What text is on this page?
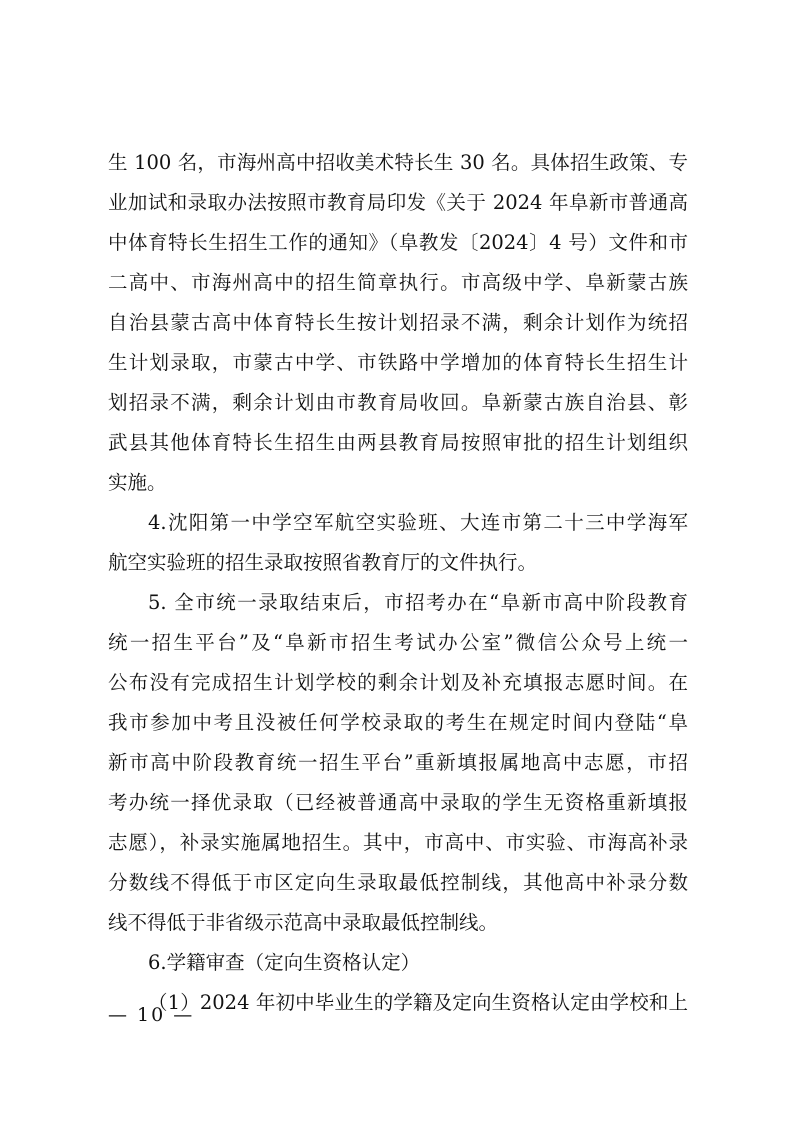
生 100 名，市海州高中招收美术特长生 30 名。具体招生政策、专
业加试和录取办法按照市教育局印发《关于 2024 年阜新市普通高
中体育特长生招生工作的通知》（阜教发〔2024〕4 号）文件和市
二高中、市海州高中的招生简章执行。市高级中学、阜新蒙古族
自治县蒙古高中体育特长生按计划招录不满，剩余计划作为统招
生计划录取，市蒙古中学、市铁路中学增加的体育特长生招生计
划招录不满，剩余计划由市教育局收回。阜新蒙古族自治县、彰
武县其他体育特长生招生由两县教育局按照审批的招生计划组织
实施。
4.沈阳第一中学空军航空实验班、大连市第二十三中学海军
航空实验班的招生录取按照省教育厅的文件执行。
5. 全市统一录取结束后，市招考办在“阜新市高中阶段教育
统一招生平台”及“阜新市招生考试办公室”微信公众号上统一
公布没有完成招生计划学校的剩余计划及补充填报志愿时间。在
我市参加中考且没被任何学校录取的考生在规定时间内登陆“阜
新市高中阶段教育统一招生平台”重新填报属地高中志愿，市招
考办统一择优录取（已经被普通高中录取的学生无资格重新填报
志愿），补录实施属地招生。其中，市高中、市实验、市海高补录
分数线不得低于市区定向生录取最低控制线，其他高中补录分数
线不得低于非省级示范高中录取最低控制线。
6.学籍审查（定向生资格认定）
（1）2024 年初中毕业生的学籍及定向生资格认定由学校和上
— 10 —
